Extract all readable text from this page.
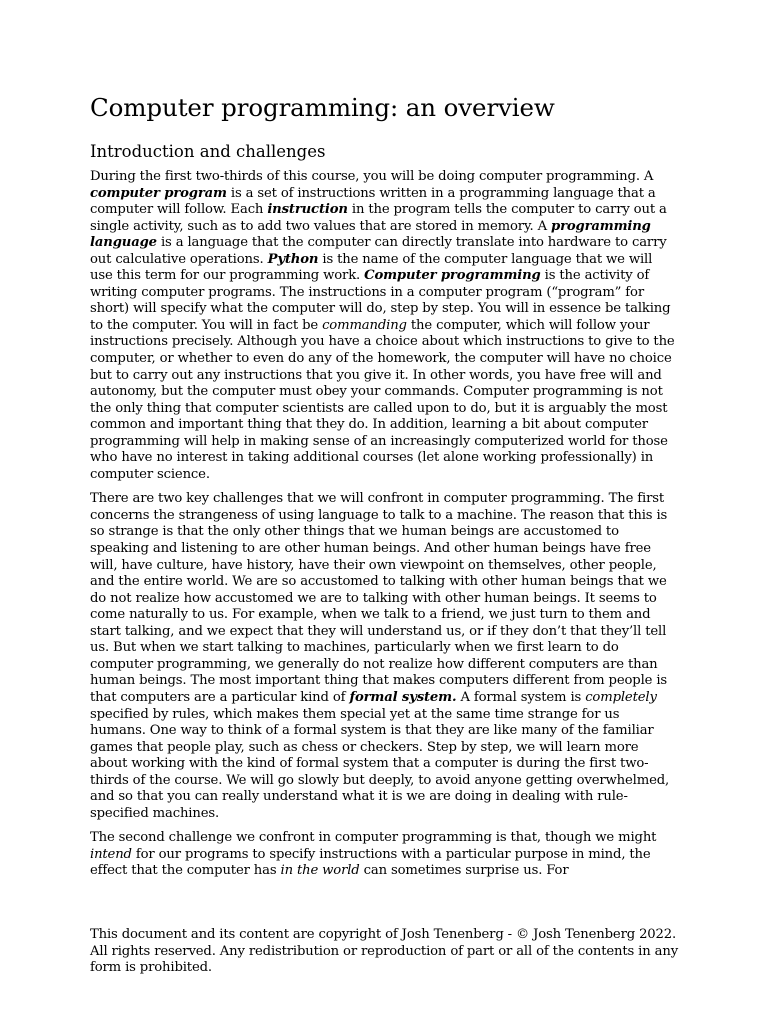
Computer programming: an overview
Introduction and challenges

During the first two-thirds of this course, you will be doing computer programming. A computer program is a set of instructions written in a programming language that a computer will follow. Each instruction in the program tells the computer to carry out a single activity, such as to add two values that are stored in memory. A programming language is a language that the computer can directly translate into hardware to carry out calculative operations. Python is the name of the computer language that we will use this term for our programming work. Computer programming is the activity of writing computer programs. The instructions in a computer program (“program” for short) will specify what the computer will do, step by step. You will in essence be talking to the computer. You will in fact be commanding the computer, which will follow your instructions precisely. Although you have a choice about which instructions to give to the computer, or whether to even do any of the homework, the computer will have no choice but to carry out any instructions that you give it. In other words, you have free will and autonomy, but the computer must obey your commands. Computer programming is not the only thing that computer scientists are called upon to do, but it is arguably the most common and important thing that they do. In addition, learning a bit about computer programming will help in making sense of an increasingly computerized world for those who have no interest in taking additional courses (let alone working professionally) in computer science.

There are two key challenges that we will confront in computer programming. The first concerns the strangeness of using language to talk to a machine. The reason that this is so strange is that the only other things that we human beings are accustomed to speaking and listening to are other human beings. And other human beings have free will, have culture, have history, have their own viewpoint on themselves, other people, and the entire world. We are so accustomed to talking with other human beings that we do not realize how accustomed we are to talking with other human beings. It seems to come naturally to us. For example, when we talk to a friend, we just turn to them and start talking, and we expect that they will understand us, or if they don’t that they’ll tell us. But when we start talking to machines, particularly when we first learn to do computer programming, we generally do not realize how different computers are than human beings. The most important thing that makes computers different from people is that computers are a particular kind of formal system. A formal system is completely specified by rules, which makes them special yet at the same time strange for us humans. One way to think of a formal system is that they are like many of the familiar games that people play, such as chess or checkers. Step by step, we will learn more about working with the kind of formal system that a computer is during the first two-thirds of the course. We will go slowly but deeply, to avoid anyone getting overwhelmed, and so that you can really understand what it is we are doing in dealing with rule-specified machines.

The second challenge we confront in computer programming is that, though we might intend for our programs to specify instructions with a particular purpose in mind, the effect that the computer has in the world can sometimes surprise us. For

This document and its content are copyright of Josh Tenenberg - © Josh Tenenberg 2022. All rights reserved. Any redistribution or reproduction of part or all of the contents in any form is prohibited.
